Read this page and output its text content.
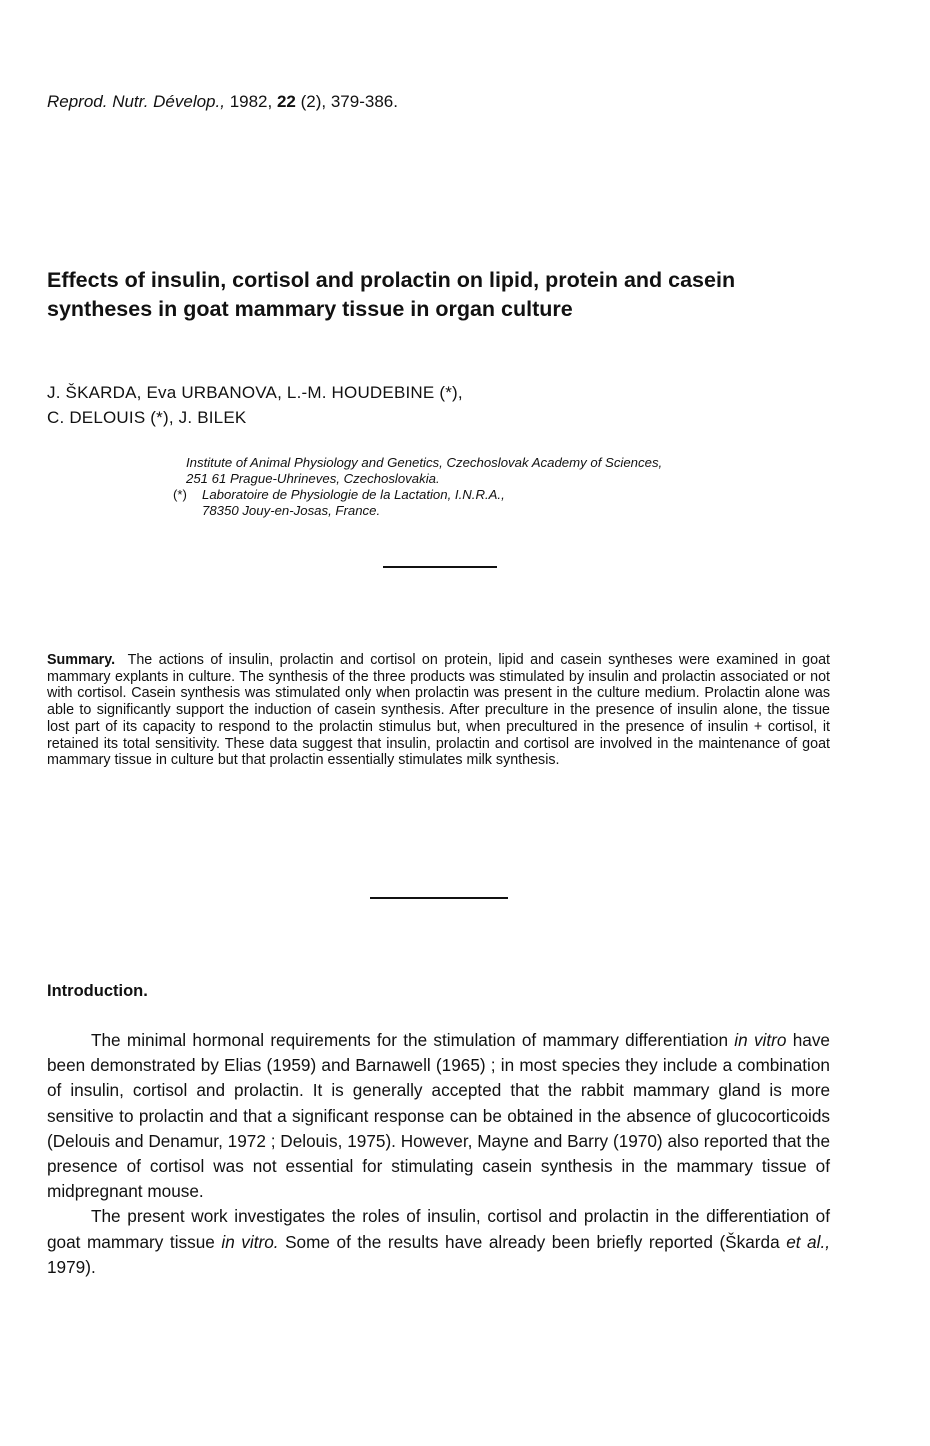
Reprod. Nutr. Dévelop., 1982, 22 (2), 379-386.
Effects of insulin, cortisol and prolactin on lipid, protein and casein syntheses in goat mammary tissue in organ culture
J. ŠKARDA, Eva URBANOVA, L.-M. HOUDEBINE (*),
C. DELOUIS (*), J. BILEK
Institute of Animal Physiology and Genetics, Czechoslovak Academy of Sciences,
251 61 Prague-Uhrineves, Czechoslovakia.
(*) Laboratoire de Physiologie de la Lactation, I.N.R.A.,
78350 Jouy-en-Josas, France.
Summary. The actions of insulin, prolactin and cortisol on protein, lipid and casein syntheses were examined in goat mammary explants in culture. The synthesis of the three products was stimulated by insulin and prolactin associated or not with cortisol. Casein synthesis was stimulated only when prolactin was present in the culture medium. Prolactin alone was able to significantly support the induction of casein synthesis. After preculture in the presence of insulin alone, the tissue lost part of its capacity to respond to the prolactin stimulus but, when precultured in the presence of insulin + cortisol, it retained its total sensitivity. These data suggest that insulin, prolactin and cortisol are involved in the maintenance of goat mammary tissue in culture but that prolactin essentially stimulates milk synthesis.
Introduction.

The minimal hormonal requirements for the stimulation of mammary differentiation in vitro have been demonstrated by Elias (1959) and Barnawell (1965) ; in most species they include a combination of insulin, cortisol and prolactin. It is generally accepted that the rabbit mammary gland is more sensitive to prolactin and that a significant response can be obtained in the absence of glucocorticoids (Delouis and Denamur, 1972 ; Delouis, 1975). However, Mayne and Barry (1970) also reported that the presence of cortisol was not essential for stimulating casein synthesis in the mammary tissue of midpregnant mouse.

The present work investigates the roles of insulin, cortisol and prolactin in the differentiation of goat mammary tissue in vitro. Some of the results have already been briefly reported (Škarda et al., 1979).
